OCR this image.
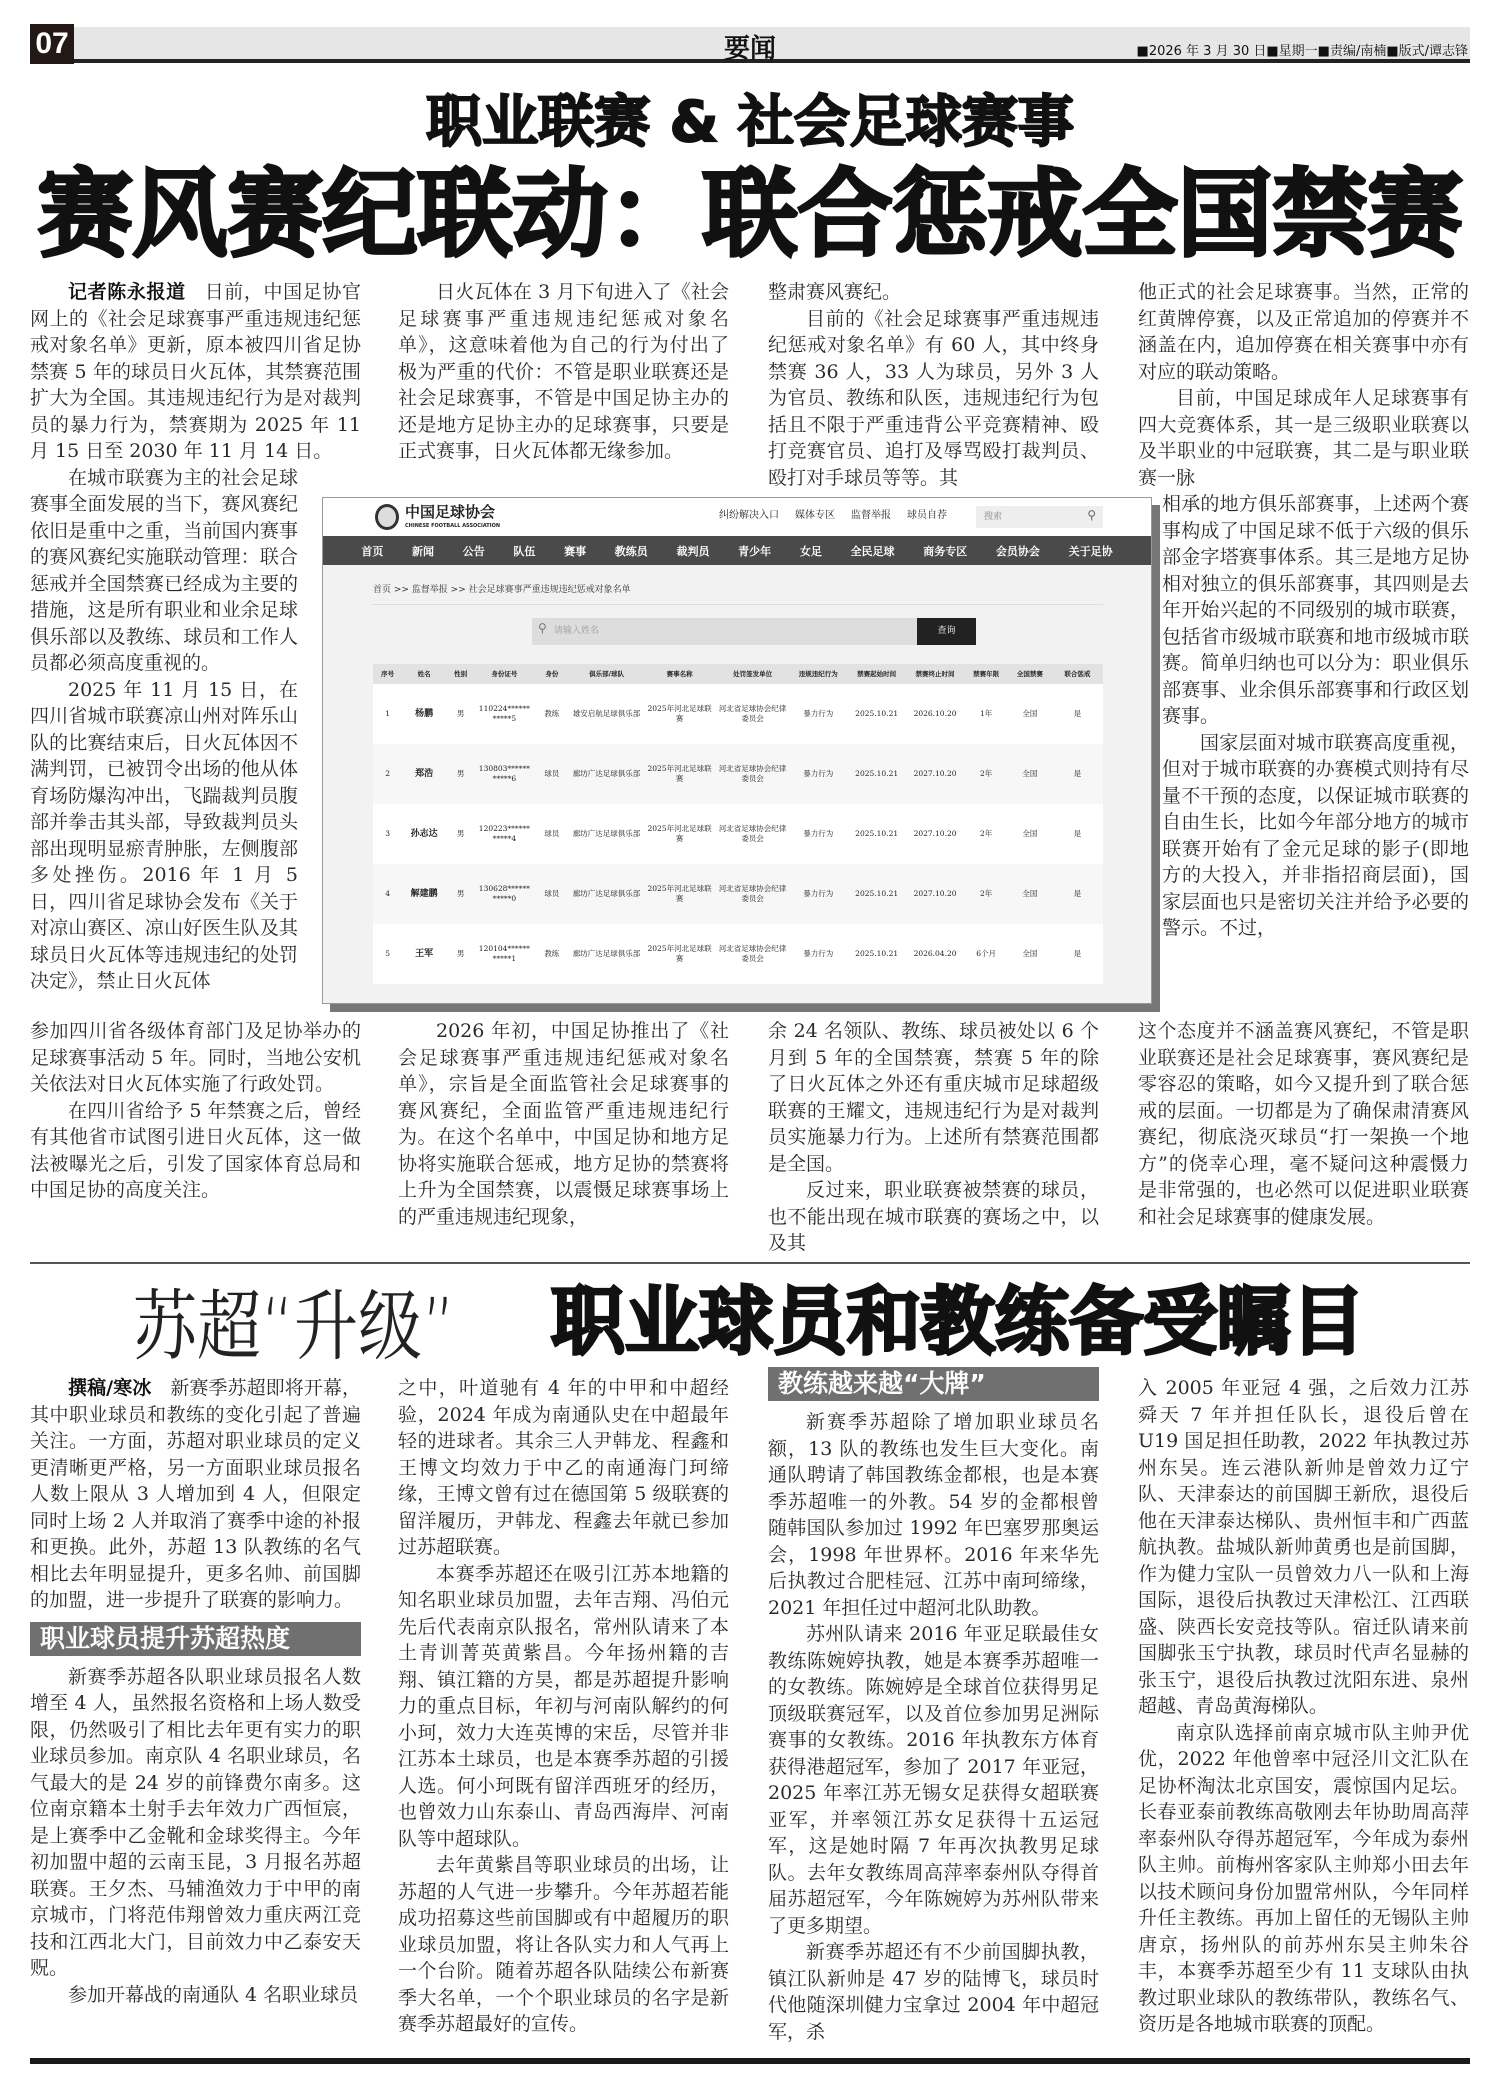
07	要闻	■2026 年 3 月 30 日■星期一■责编/南楠■版式/谭志锋
职业联赛 & 社会足球赛事
赛风赛纪联动：联合惩戒全国禁赛

记者陈永报道 日前，中国足协官网上的《社会足球赛事严重违规违纪惩戒对象名单》更新，原本被四川省足协禁赛 5 年的球员日火瓦体，其禁赛范围扩大为全国。其违规违纪行为是对裁判员的暴力行为，禁赛期为 2025 年 11 月 15 日至 2030 年 11 月 14 日。

在城市联赛为主的社会足球赛事全面发展的当下，赛风赛纪依旧是重中之重，当前国内赛事的赛风赛纪实施联动管理：联合惩戒并全国禁赛已经成为主要的措施，这是所有职业和业余足球俱乐部以及教练、球员和工作人员都必须高度重视的。

2025 年 11 月 15 日，在四川省城市联赛凉山州对阵乐山队的比赛结束后，日火瓦体因不满判罚，已被罚令出场的他从体育场防爆沟冲出，飞踹裁判员腹部并拳击其头部，导致裁判员头部出现明显瘀青肿胀，左侧腹部多处挫伤。2016 年 1 月 5 日，四川省足球协会发布《关于对凉山赛区、凉山好医生队及其球员日火瓦体等违规违纪的处罚决定》，禁止日火瓦体

参加四川省各级体育部门及足协举办的足球赛事活动 5 年。同时，当地公安机关依法对日火瓦体实施了行政处罚。

在四川省给予 5 年禁赛之后，曾经有其他省市试图引进日火瓦体，这一做法被曝光之后，引发了国家体育总局和中国足协的高度关注。

日火瓦体在 3 月下旬进入了《社会足球赛事严重违规违纪惩戒对象名单》，这意味着他为自己的行为付出了极为严重的代价：不管是职业联赛还是社会足球赛事，不管是中国足协主办的还是地方足协主办的足球赛事，只要是正式赛事，日火瓦体都无缘参加。

2026 年初，中国足协推出了《社会足球赛事严重违规违纪惩戒对象名单》，宗旨是全面监管社会足球赛事的赛风赛纪，全面监管严重违规违纪行为。在这个名单中，中国足协和地方足协将实施联合惩戒，地方足协的禁赛将上升为全国禁赛，以震慑足球赛事场上的严重违规违纪现象，

整肃赛风赛纪。

目前的《社会足球赛事严重违规违纪惩戒对象名单》有 60 人，其中终身禁赛 36 人，33 人为球员，另外 3 人为官员、教练和队医，违规违纪行为包括且不限于严重违背公平竞赛精神、殴打竞赛官员、追打及辱骂殴打裁判员、殴打对手球员等等。其

余 24 名领队、教练、球员被处以 6 个月到 5 年的全国禁赛，禁赛 5 年的除了日火瓦体之外还有重庆城市足球超级联赛的王耀文，违规违纪行为是对裁判员实施暴力行为。上述所有禁赛范围都是全国。

反过来，职业联赛被禁赛的球员，也不能出现在城市联赛的赛场之中，以及其

他正式的社会足球赛事。当然，正常的红黄牌停赛，以及正常追加的停赛并不涵盖在内，追加停赛在相关赛事中亦有对应的联动策略。

目前，中国足球成年人足球赛事有四大竞赛体系，其一是三级职业联赛以及半职业的中冠联赛，其二是与职业联赛一脉

相承的地方俱乐部赛事，上述两个赛事构成了中国足球不低于六级的俱乐部金字塔赛事体系。其三是地方足协相对独立的俱乐部赛事，其四则是去年开始兴起的不同级别的城市联赛，包括省市级城市联赛和地市级城市联赛。简单归纳也可以分为：职业俱乐部赛事、业余俱乐部赛事和行政区划赛事。

国家层面对城市联赛高度重视，但对于城市联赛的办赛模式则持有尽量不干预的态度，以保证城市联赛的自由生长，比如今年部分地方的城市联赛开始有了金元足球的影子(即地方的大投入，并非指招商层面)，国家层面也只是密切关注并给予必要的警示。不过，

这个态度并不涵盖赛风赛纪，不管是职业联赛还是社会足球赛事，赛风赛纪是零容忍的策略，如今又提升到了联合惩戒的层面。一切都是为了确保肃清赛风赛纪，彻底浇灭球员“打一架换一个地方”的侥幸心理，毫不疑问这种震慑力是非常强的，也必然可以促进职业联赛和社会足球赛事的健康发展。

中国足球协会
CHINESE FOOTBALL ASSOCIATION
纠纷解决入口 媒体专区 监督举报 球员自荐	搜索	⚲
首页	新闻	公告	队伍	赛事	教练员	裁判员	青少年	女足	全民足球	商务专区	会员协会	关于足协
首页 >> 监督举报 >> 社会足球赛事严重违规违纪惩戒对象名单
⚲ 请输入姓名	查询
序号	姓名	性别	身份证号	身份	俱乐部/球队	赛事名称	处罚签发单位	违规违纪行为	禁赛起始时间	禁赛终止时间	禁赛年限	全国禁赛	联合惩戒
1	杨鹏	男	110224***********5	教练	雄安启航足球俱乐部	2025年河北足球联赛	河北省足球协会纪律委员会	暴力行为	2025.10.21	2026.10.20	1年	全国	是
2	郑浩	男	130803***********6	球员	廊坊广达足球俱乐部	2025年河北足球联赛	河北省足球协会纪律委员会	暴力行为	2025.10.21	2027.10.20	2年	全国	是
3	孙志达	男	120223***********4	球员	廊坊广达足球俱乐部	2025年河北足球联赛	河北省足球协会纪律委员会	暴力行为	2025.10.21	2027.10.20	2年	全国	是
4	解建鹏	男	130628***********0	球员	廊坊广达足球俱乐部	2025年河北足球联赛	河北省足球协会纪律委员会	暴力行为	2025.10.21	2027.10.20	2年	全国	是
5	王军	男	120104***********1	教练	廊坊广达足球俱乐部	2025年河北足球联赛	河北省足球协会纪律委员会	暴力行为	2025.10.21	2026.04.20	6个月	全国	是
苏超“升级” 职业球员和教练备受瞩目

撰稿/寒冰 新赛季苏超即将开幕，其中职业球员和教练的变化引起了普遍关注。一方面，苏超对职业球员的定义更清晰更严格，另一方面职业球员报名人数上限从 3 人增加到 4 人，但限定同时上场 2 人并取消了赛季中途的补报和更换。此外，苏超 13 队教练的名气相比去年明显提升，更多名帅、前国脚的加盟，进一步提升了联赛的影响力。

职业球员提升苏超热度

新赛季苏超各队职业球员报名人数增至 4 人，虽然报名资格和上场人数受限，仍然吸引了相比去年更有实力的职业球员参加。南京队 4 名职业球员，名气最大的是 24 岁的前锋费尔南多。这位南京籍本土射手去年效力广西恒宸，是上赛季中乙金靴和金球奖得主。今年初加盟中超的云南玉昆，3 月报名苏超联赛。王夕杰、马辅渔效力于中甲的南京城市，门将范伟翔曾效力重庆两江竞技和江西北大门，目前效力中乙泰安天贶。

参加开幕战的南通队 4 名职业球员

之中，叶道驰有 4 年的中甲和中超经验，2024 年成为南通队史在中超最年轻的进球者。其余三人尹韩龙、程鑫和王博文均效力于中乙的南通海门珂缔缘，王博文曾有过在德国第 5 级联赛的留洋履历，尹韩龙、程鑫去年就已参加过苏超联赛。

本赛季苏超还在吸引江苏本地籍的知名职业球员加盟，去年吉翔、冯伯元先后代表南京队报名，常州队请来了本土青训菁英黄紫昌。今年扬州籍的吉翔、镇江籍的方昊，都是苏超提升影响力的重点目标，年初与河南队解约的何小珂，效力大连英博的宋岳，尽管并非江苏本土球员，也是本赛季苏超的引援人选。何小珂既有留洋西班牙的经历，也曾效力山东泰山、青岛西海岸、河南队等中超球队。

去年黄紫昌等职业球员的出场，让苏超的人气进一步攀升。今年苏超若能成功招募这些前国脚或有中超履历的职业球员加盟，将让各队实力和人气再上一个台阶。随着苏超各队陆续公布新赛季大名单，一个个职业球员的名字是新赛季苏超最好的宣传。

教练越来越“大牌”

新赛季苏超除了增加职业球员名额，13 队的教练也发生巨大变化。南通队聘请了韩国教练金都根，也是本赛季苏超唯一的外教。54 岁的金都根曾随韩国队参加过 1992 年巴塞罗那奥运会，1998 年世界杯。2016 年来华先后执教过合肥桂冠、江苏中南珂缔缘，2021 年担任过中超河北队助教。

苏州队请来 2016 年亚足联最佳女教练陈婉婷执教，她是本赛季苏超唯一的女教练。陈婉婷是全球首位获得男足顶级联赛冠军，以及首位参加男足洲际赛事的女教练。2016 年执教东方体育获得港超冠军，参加了 2017 年亚冠，2025 年率江苏无锡女足获得女超联赛亚军，并率领江苏女足获得十五运冠军，这是她时隔 7 年再次执教男足球队。去年女教练周高萍率泰州队夺得首届苏超冠军，今年陈婉婷为苏州队带来了更多期望。

新赛季苏超还有不少前国脚执教，镇江队新帅是 47 岁的陆博飞，球员时代他随深圳健力宝拿过 2004 年中超冠军，杀

入 2005 年亚冠 4 强，之后效力江苏舜天 7 年并担任队长，退役后曾在 U19 国足担任助教，2022 年执教过苏州东吴。连云港队新帅是曾效力辽宁队、天津泰达的前国脚王新欣，退役后他在天津泰达梯队、贵州恒丰和广西蓝航执教。盐城队新帅黄勇也是前国脚，作为健力宝队一员曾效力八一队和上海国际，退役后执教过天津松江、江西联盛、陕西长安竞技等队。宿迁队请来前国脚张玉宁执教，球员时代声名显赫的张玉宁，退役后执教过沈阳东进、泉州超越、青岛黄海梯队。

南京队选择前南京城市队主帅尹优优，2022 年他曾率中冠泾川文汇队在足协杯淘汰北京国安，震惊国内足坛。长春亚泰前教练高敬刚去年协助周高萍率泰州队夺得苏超冠军，今年成为泰州队主帅。前梅州客家队主帅郑小田去年以技术顾问身份加盟常州队，今年同样升任主教练。再加上留任的无锡队主帅唐京，扬州队的前苏州东吴主帅朱谷丰，本赛季苏超至少有 11 支球队由执教过职业球队的教练带队，教练名气、资历是各地城市联赛的顶配。
